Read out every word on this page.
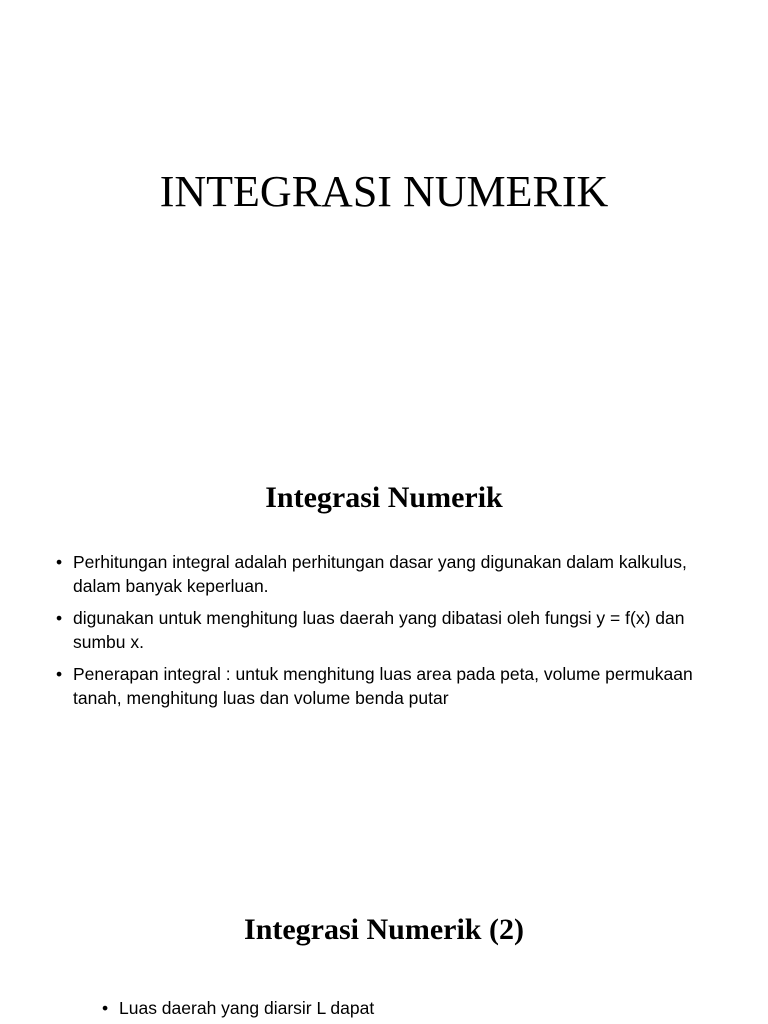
INTEGRASI NUMERIK
Integrasi Numerik
• Perhitungan integral adalah perhitungan dasar yang digunakan dalam kalkulus, dalam banyak keperluan.
• digunakan untuk menghitung luas daerah yang dibatasi oleh fungsi y = f(x) dan sumbu x.
• Penerapan integral : untuk menghitung luas area pada peta, volume permukaan tanah, menghitung luas dan volume benda putar
Integrasi Numerik (2)
• Luas daerah yang diarsir L dapat
